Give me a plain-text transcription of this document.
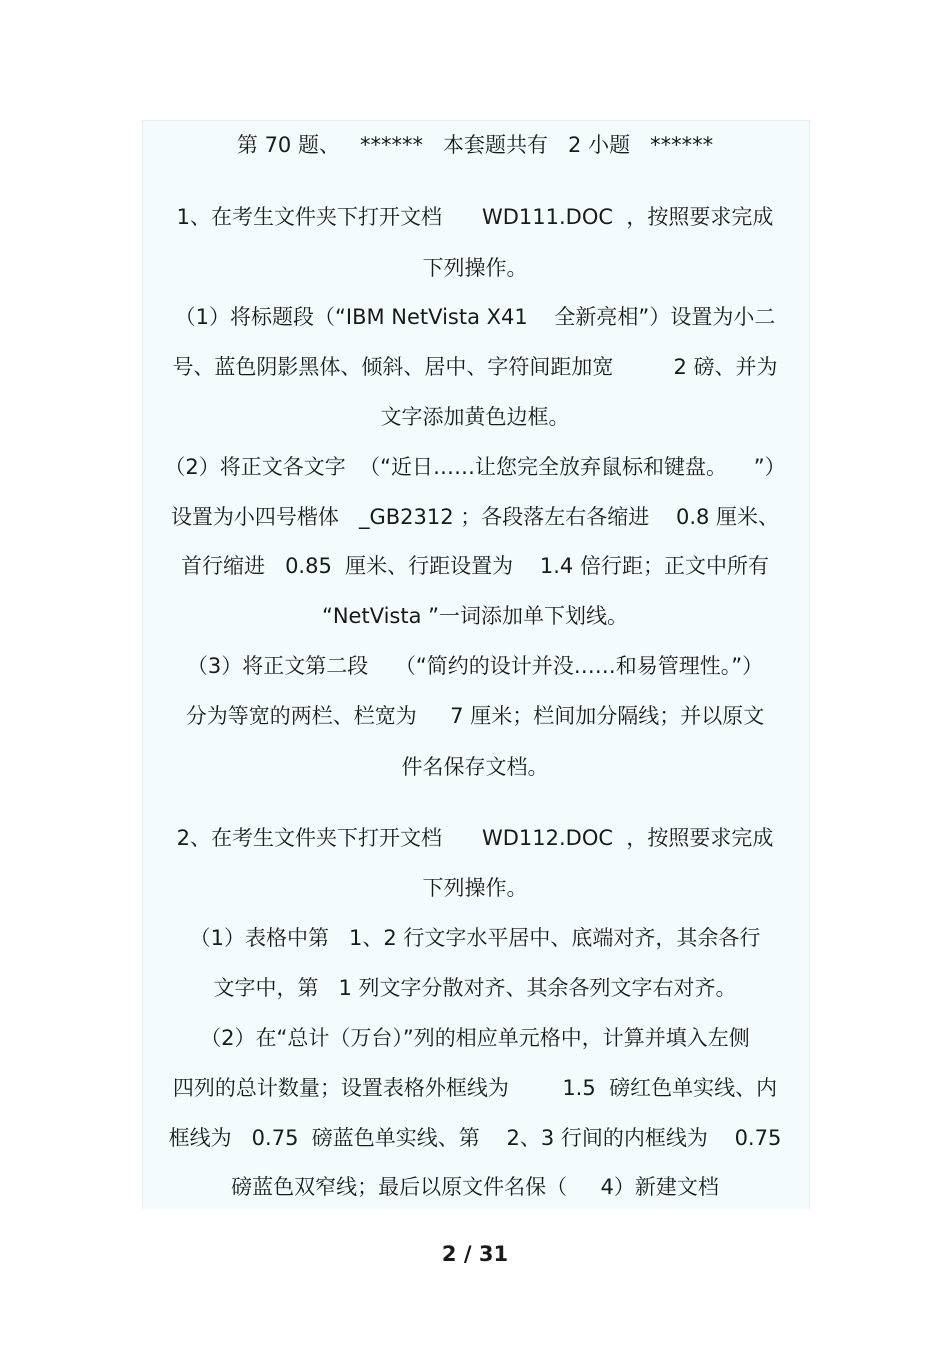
第 70 题、   ******   本套题共有   2 小题   ******
1、在考生文件夹下打开文档      WD111.DOC  ，按照要求完成
下列操作。
（1）将标题段（“IBM NetVista X41    全新亮相”）设置为小二
号、蓝色阴影黑体、倾斜、居中、字符间距加宽         2 磅、并为
文字添加黄色边框。
（2）将正文各文字  （“近日……让您完全放弃鼠标和键盘。    ”）
设置为小四号楷体   _GB2312 ；各段落左右各缩进    0.8 厘米、
首行缩进   0.85  厘米、行距设置为    1.4 倍行距；正文中所有
“NetVista ”一词添加单下划线。
（3）将正文第二段    （“简约的设计并没……和易管理性。”）
分为等宽的两栏、栏宽为     7 厘米；栏间加分隔线；并以原文
件名保存文档。
2、在考生文件夹下打开文档      WD112.DOC  ，按照要求完成
下列操作。
（1）表格中第   1、2 行文字水平居中、底端对齐，其余各行
文字中，第   1 列文字分散对齐、其余各列文字右对齐。
（2）在“总计（万台）”列的相应单元格中，计算并填入左侧
四列的总计数量；设置表格外框线为        1.5  磅红色单实线、内
框线为   0.75  磅蓝色单实线、第    2、3 行间的内框线为    0.75
磅蓝色双窄线；最后以原文件名保（     4）新建文档
2 / 31
